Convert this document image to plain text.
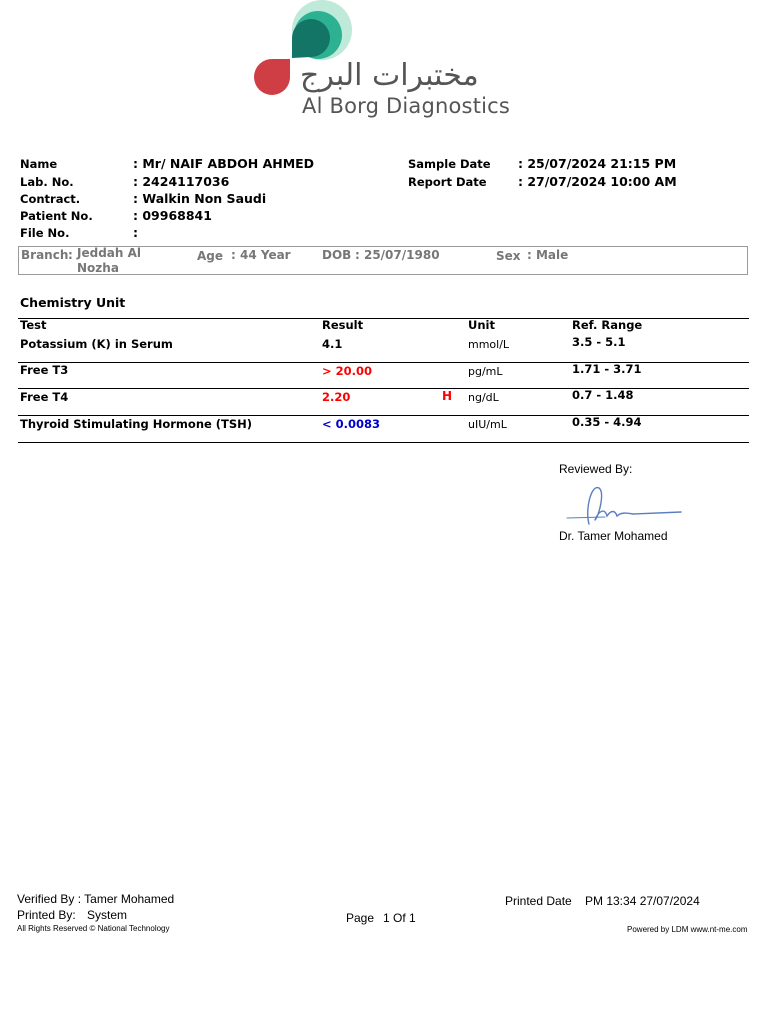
مختبرات البرج
Al Borg Diagnostics
Name	: Mr/ NAIF ABDOH AHMED
Lab. No.	: 2424117036
Contract.	: Walkin Non Saudi
Patient No.	: 09968841
File No.	:
Sample Date : 25/07/2024 21:15 PM
Report Date	: 27/07/2024 10:00 AM
Branch : Jeddah Al
Nozha
Age : 44 Year	DOB : 25/07/1980	Sex : Male
Chemistry Unit
Test	Result	Unit	Ref. Range
Potassium (K) in Serum	4.1	mmol/L	3.5 - 5.1
Free T3	> 20.00	pg/mL	1.71 - 3.71
Free T4	2.20	H ng/dL	0.7 - 1.48
Thyroid Stimulating Hormone (TSH)	< 0.0083	uIU/mL	0.35 - 4.94
Reviewed By:
Dr. Tamer Mohamed
Verified By : Tamer Mohamed
Printed By: System
All Rights Reserved © National Technology
Page 1 Of 1
Printed Date PM 13:34 27/07/2024
Powered by LDM www.nt-me.com
